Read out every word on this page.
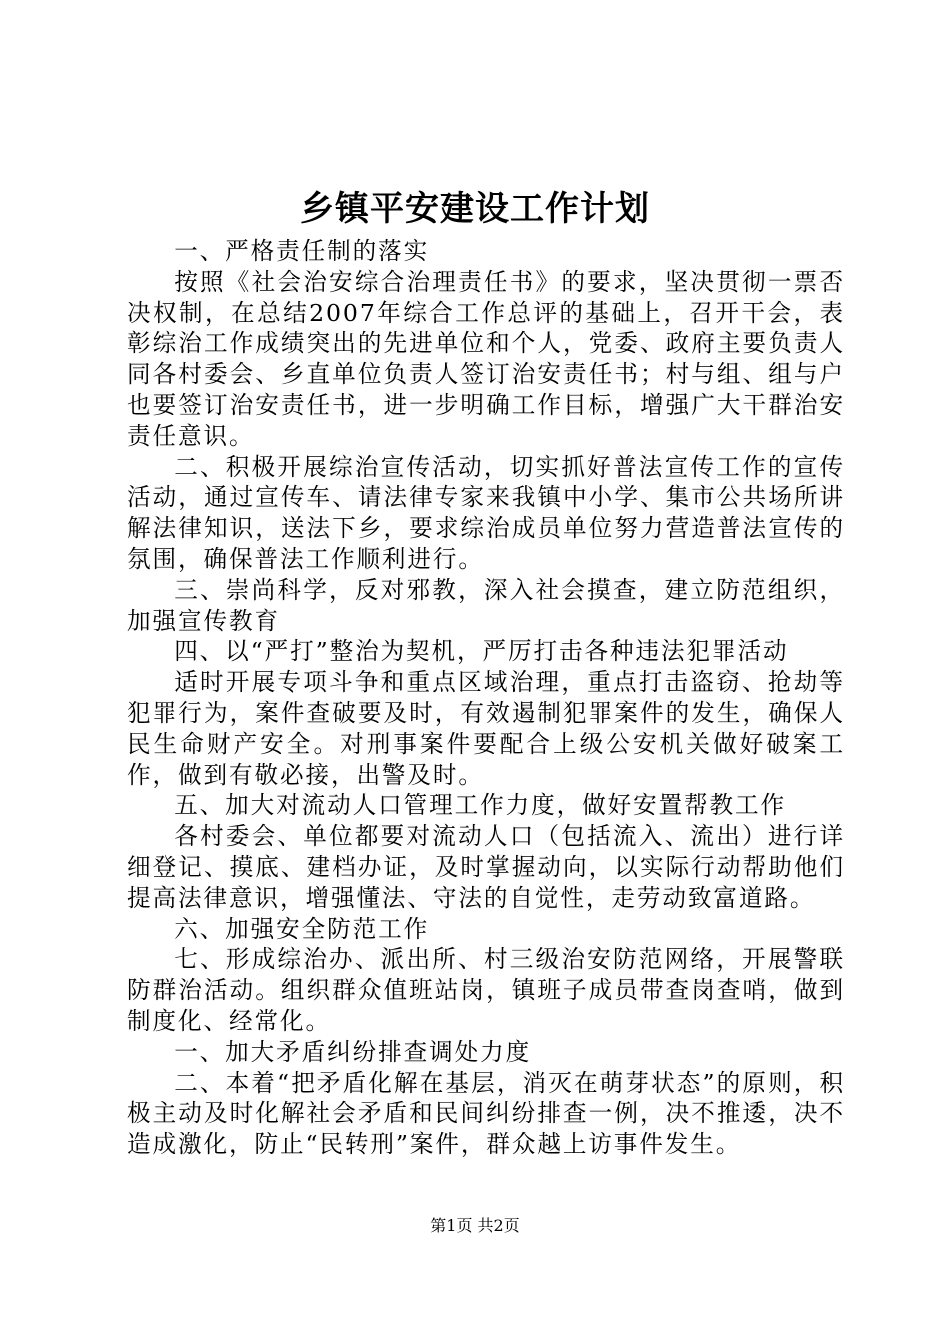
乡镇平安建设工作计划

一、严格责任制的落实

按照《社会治安综合治理责任书》的要求，坚决贯彻一票否决权制，在总结2007年综合工作总评的基础上，召开干会，表彰综治工作成绩突出的先进单位和个人，党委、政府主要负责人同各村委会、乡直单位负责人签订治安责任书；村与组、组与户也要签订治安责任书，进一步明确工作目标，增强广大干群治安责任意识。

二、积极开展综治宣传活动，切实抓好普法宣传工作的宣传活动，通过宣传车、请法律专家来我镇中小学、集市公共场所讲解法律知识，送法下乡，要求综治成员单位努力营造普法宣传的氛围，确保普法工作顺利进行。

三、崇尚科学，反对邪教，深入社会摸查，建立防范组织，加强宣传教育

四、以“严打”整治为契机，严厉打击各种违法犯罪活动

适时开展专项斗争和重点区域治理，重点打击盗窃、抢劫等犯罪行为，案件查破要及时，有效遏制犯罪案件的发生，确保人民生命财产安全。对刑事案件要配合上级公安机关做好破案工作，做到有敬必接，出警及时。

五、加大对流动人口管理工作力度，做好安置帮教工作

各村委会、单位都要对流动人口（包括流入、流出）进行详细登记、摸底、建档办证，及时掌握动向，以实际行动帮助他们提高法律意识，增强懂法、守法的自觉性，走劳动致富道路。

六、加强安全防范工作

七、形成综治办、派出所、村三级治安防范网络，开展警联防群治活动。组织群众值班站岗，镇班子成员带查岗查哨，做到制度化、经常化。

一、加大矛盾纠纷排查调处力度

二、本着“把矛盾化解在基层，消灭在萌芽状态”的原则，积极主动及时化解社会矛盾和民间纠纷排查一例，决不推逶，决不造成激化，防止“民转刑”案件，群众越上访事件发生。

第1页 共2页
